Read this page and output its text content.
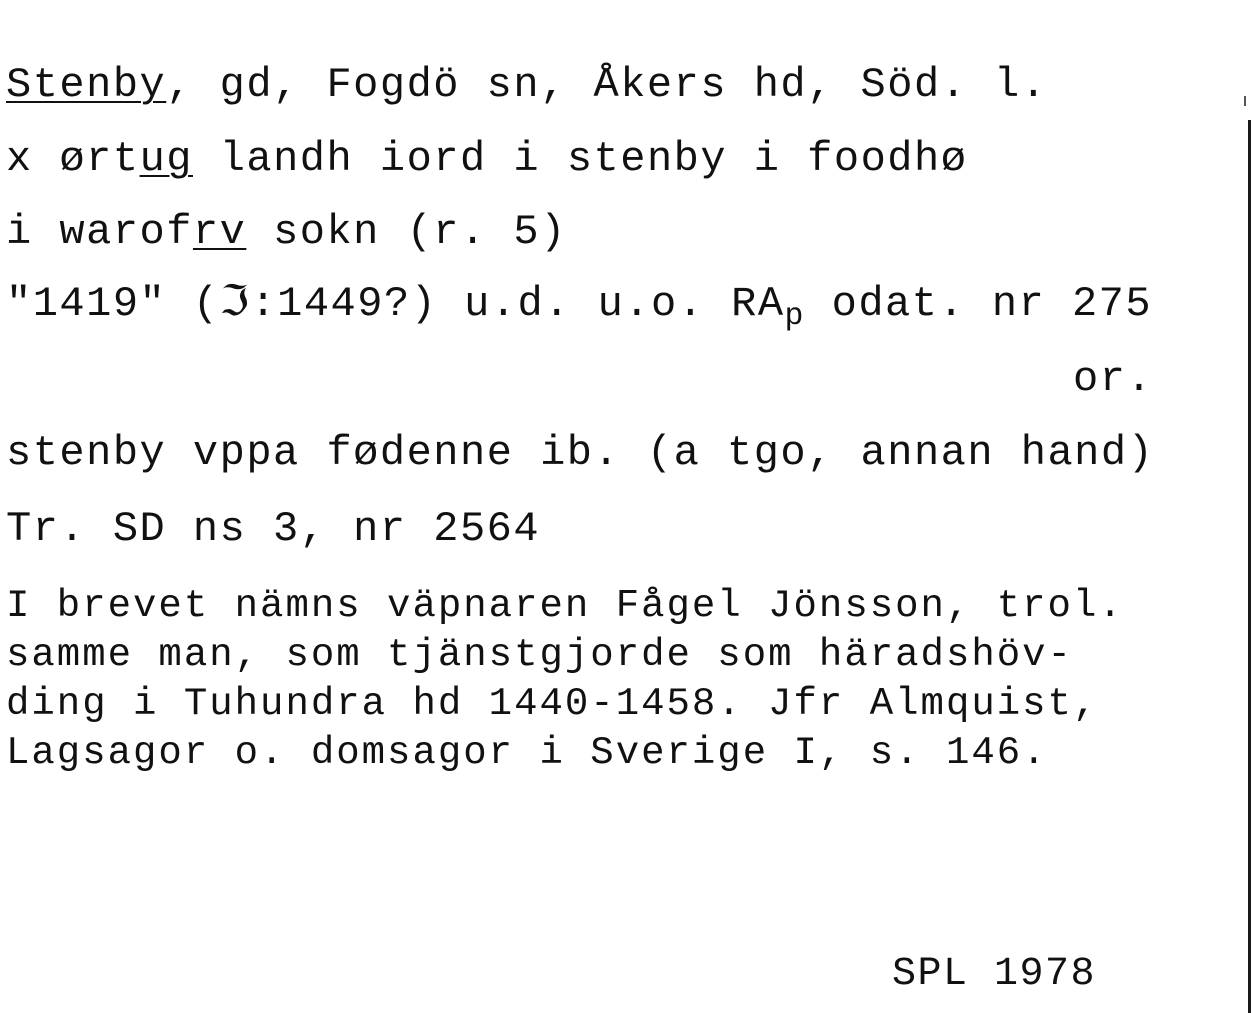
Stenby, gd, Fogdö sn, Åkers hd, Söd. l.
x ørtug landh iord i stenby i foodhø
i warofrv sokn (r. 5)
"1419" (ℑ:1449?) u.d. u.o. $RA_p$ odat. nr 275
or.
stenby vppa fødenne ib. (a tgo, annan hand)
Tr. SD ns 3, nr 2564
I brevet nämns väpnaren Fågel Jönsson, trol.
samme man, som tjänstgjorde som häradshöv-
ding i Tuhundra hd 1440-1458. Jfr Almquist,
Lagsagor o. domsagor i Sverige I, s. 146.
SPL 1978
